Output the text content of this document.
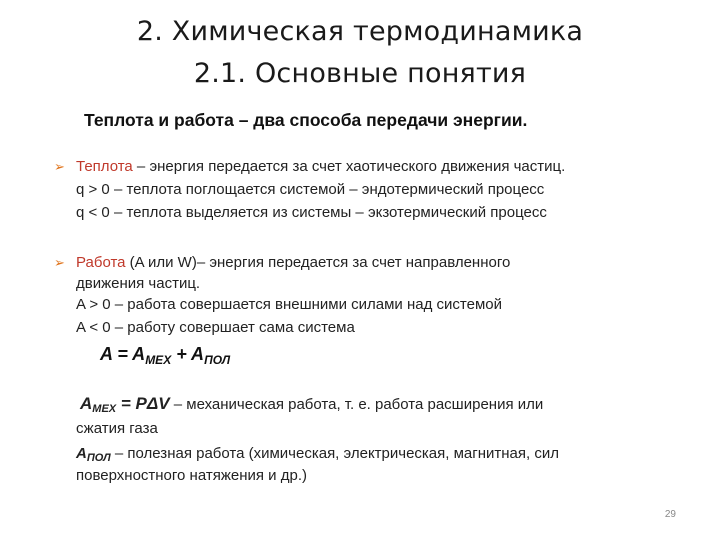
2. Химическая термодинамика
2.1. Основные понятия
Теплота и работа – два способа передачи энергии.
➢ Теплота – энергия передается за счет хаотического движения частиц.
q > 0 – теплота поглощается системой – эндотермический процесс
q < 0 – теплота выделяется из системы – экзотермический процесс
➢ Работа (A или W)– энергия передается за счет направленного
движения частиц.
A > 0 – работа совершается внешними силами над системой
A < 0 – работу совершает сама система
$A = A_{MEX} + A_{ПОЛ}$
$A_{MEX} = P\Delta V$ – механическая работа, т. е. работа расширения или
сжатия газа
$A_{ПОЛ}$ – полезная работа (химическая, электрическая, магнитная, сил
поверхностного натяжения и др.)
29
